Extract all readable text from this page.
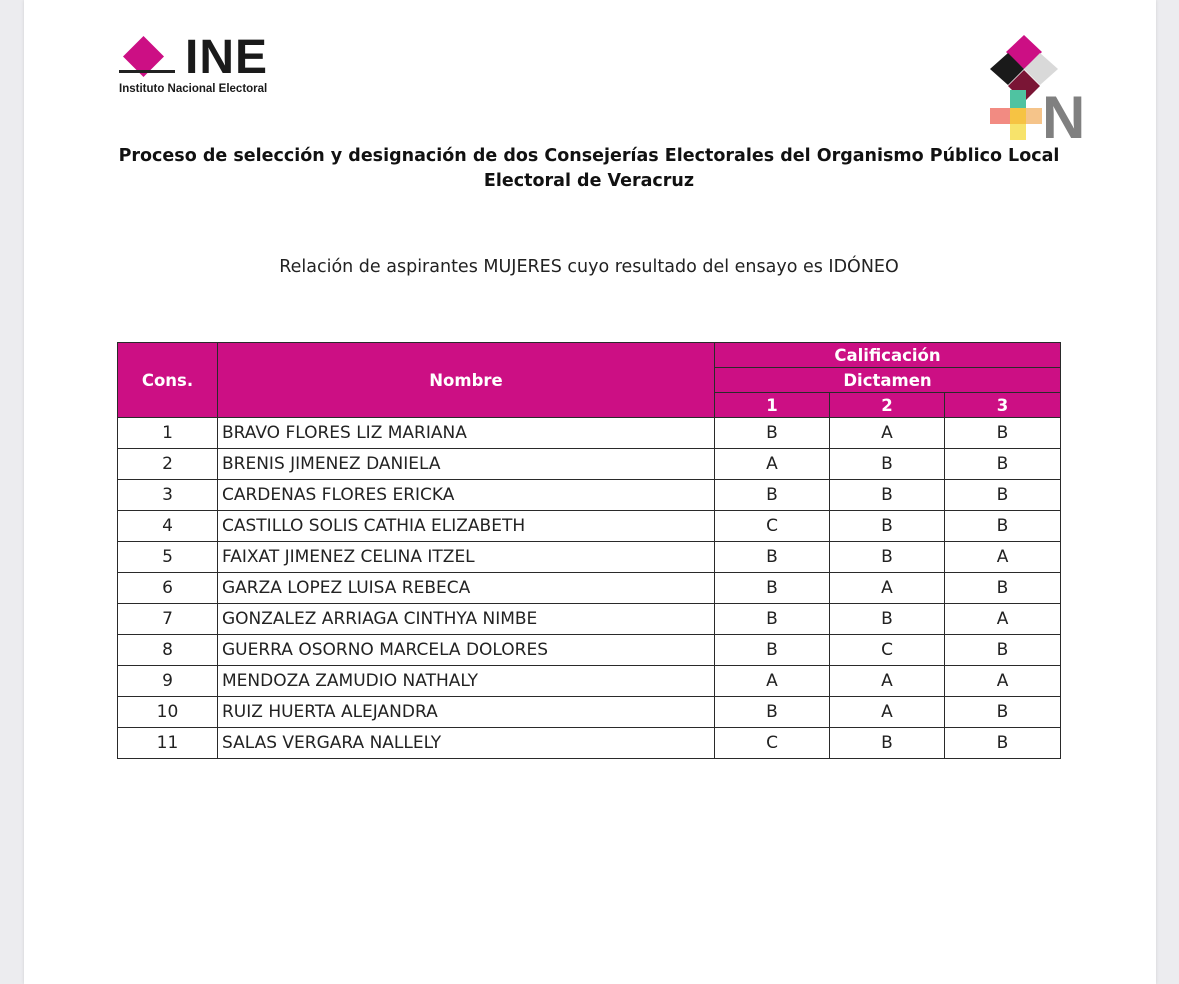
INE
Instituto Nacional Electoral	N
Proceso de selección y designación de dos Consejerías Electorales del Organismo Público Local Electoral de Veracruz
Relación de aspirantes MUJERES cuyo resultado del ensayo es IDÓNEO
Cons.	Nombre	Calificación		
		Dictamen		
		1	2	3
1	BRAVO FLORES LIZ MARIANA	B	A	B
2	BRENIS JIMENEZ DANIELA	A	B	B
3	CARDENAS FLORES ERICKA	B	B	B
4	CASTILLO SOLIS CATHIA ELIZABETH	C	B	B
5	FAIXAT JIMENEZ CELINA ITZEL	B	B	A
6	GARZA LOPEZ LUISA REBECA	B	A	B
7	GONZALEZ ARRIAGA CINTHYA NIMBE	B	B	A
8	GUERRA OSORNO MARCELA DOLORES	B	C	B
9	MENDOZA ZAMUDIO NATHALY	A	A	A
10	RUIZ HUERTA ALEJANDRA	B	A	B
11	SALAS VERGARA NALLELY	C	B	B
